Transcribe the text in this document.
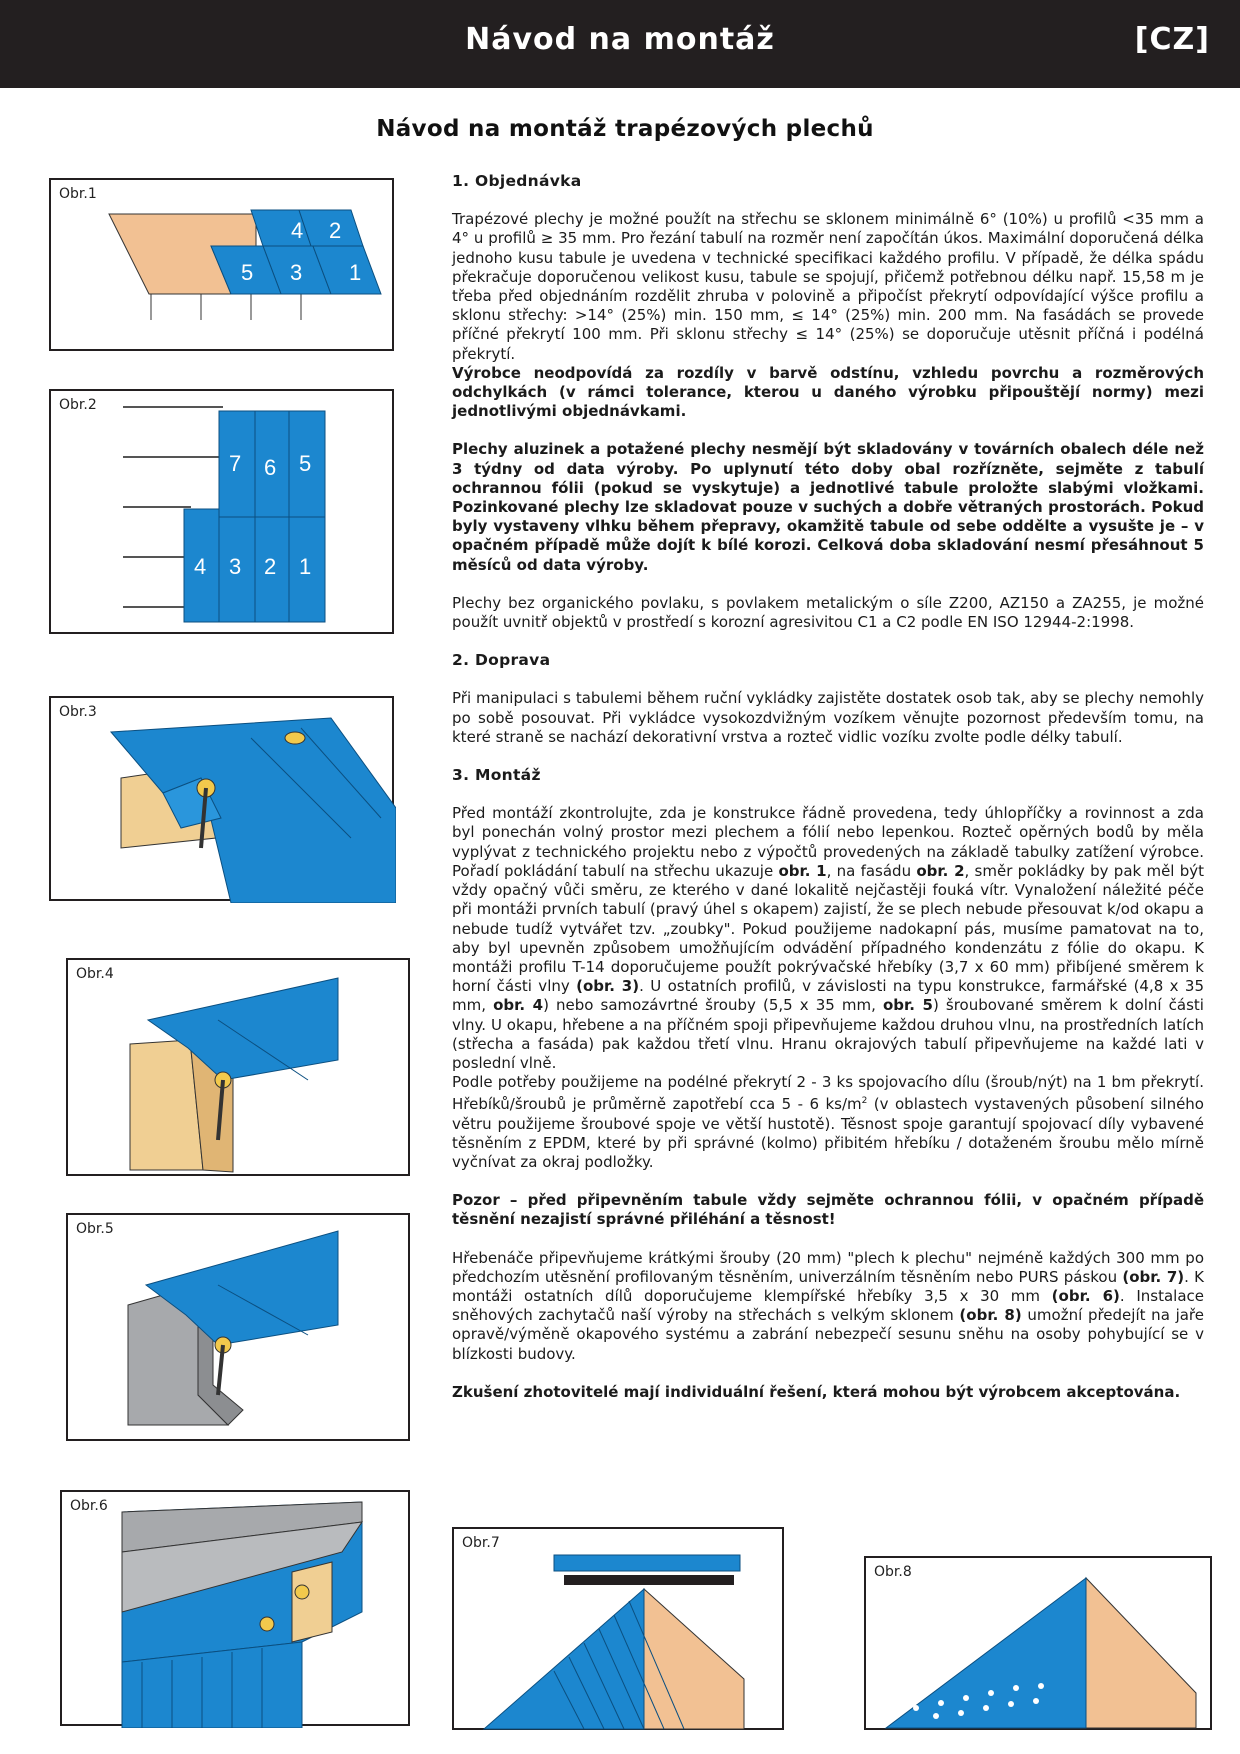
Návod na montáž	[CZ]
Návod na montáž trapézových plechů
4 2
5 3 1
Obr.1
7 6 5
4 3 2 1
Obr.2
Obr.3
Obr.4
Obr.5
Obr.6
Obr.7
Obr.8
1. Objednávka

Trapézové plechy je možné použít na střechu se sklonem minimálně 6° (10%) u profilů <35 mm a 4° u profilů ≥ 35 mm. Pro řezání tabulí na rozměr není započítán úkos. Maximální doporučená délka jednoho kusu tabule je uvedena v technické specifikaci každého profilu. V případě, že délka spádu překračuje doporučenou velikost kusu, tabule se spojují, přičemž potřebnou délku např. 15,58 m je třeba před objednáním rozdělit zhruba v polovině a připočíst překrytí odpovídající výšce profilu a sklonu střechy: >14° (25%) min. 150 mm, ≤ 14° (25%) min. 200 mm. Na fasádách se provede příčné překrytí 100 mm. Při sklonu střechy ≤ 14° (25%) se doporučuje utěsnit příčná i podélná překrytí.

Výrobce neodpovídá za rozdíly v barvě odstínu, vzhledu povrchu a rozměrových odchylkách (v rámci tolerance, kterou u daného výrobku připouštějí normy) mezi jednotlivými objednávkami.

Plechy aluzinek a potažené plechy nesmějí být skladovány v továrních obalech déle než 3 týdny od data výroby. Po uplynutí této doby obal rozřízněte, sejměte z tabulí ochrannou fólii (pokud se vyskytuje) a jednotlivé tabule proložte slabými vložkami. Pozinkované plechy lze skladovat pouze v suchých a dobře větraných prostorách. Pokud byly vystaveny vlhku během přepravy, okamžitě tabule od sebe oddělte a vysušte je – v opačném případě může dojít k bílé korozi. Celková doba skladování nesmí přesáhnout 5 měsíců od data výroby.

Plechy bez organického povlaku, s povlakem metalickým o síle Z200, AZ150 a ZA255, je možné použít uvnitř objektů v prostředí s korozní agresivitou C1 a C2 podle EN ISO 12944-2:1998.

2. Doprava

Při manipulaci s tabulemi během ruční vykládky zajistěte dostatek osob tak, aby se plechy nemohly po sobě posouvat. Při vykládce vysokozdvižným vozíkem věnujte pozornost především tomu, na které straně se nachází dekorativní vrstva a rozteč vidlic vozíku zvolte podle délky tabulí.

3. Montáž

Před montáží zkontrolujte, zda je konstrukce řádně provedena, tedy úhlopříčky a rovinnost a zda byl ponechán volný prostor mezi plechem a fólií nebo lepenkou. Rozteč opěrných bodů by měla vyplývat z technického projektu nebo z výpočtů provedených na základě tabulky zatížení výrobce. Pořadí pokládání tabulí na střechu ukazuje obr. 1, na fasádu obr. 2, směr pokládky by pak měl být vždy opačný vůči směru, ze kterého v dané lokalitě nejčastěji fouká vítr. Vynaložení náležité péče při montáži prvních tabulí (pravý úhel s okapem) zajistí, že se plech nebude přesouvat k/od okapu a nebude tudíž vytvářet tzv. „zoubky". Pokud použijeme nadokapní pás, musíme pamatovat na to, aby byl upevněn způsobem umožňujícím odvádění případného kondenzátu z fólie do okapu. K montáži profilu T-14 doporučujeme použít pokrývačské hřebíky (3,7 x 60 mm) přibíjené směrem k horní části vlny (obr. 3). U ostatních profilů, v závislosti na typu konstrukce, farmářské (4,8 x 35 mm, obr. 4) nebo samozávrtné šrouby (5,5 x 35 mm, obr. 5) šroubované směrem k dolní části vlny. U okapu, hřebene a na příčném spoji připevňujeme každou druhou vlnu, na prostředních latích (střecha a fasáda) pak každou třetí vlnu. Hranu okrajových tabulí připevňujeme na každé lati v poslední vlně.

Podle potřeby použijeme na podélné překrytí 2 - 3 ks spojovacího dílu (šroub/nýt) na 1 bm překrytí. Hřebíků/šroubů je průměrně zapotřebí cca 5 - 6 $ks/m^2$ (v oblastech vystavených působení silného větru použijeme šroubové spoje ve větší hustotě). Těsnost spoje garantují spojovací díly vybavené těsněním z EPDM, které by při správné (kolmo) přibitém hřebíku / dotaženém šroubu mělo mírně vyčnívat za okraj podložky.

Pozor – před připevněním tabule vždy sejměte ochrannou fólii, v opačném případě těsnění nezajistí správné přiléhání a těsnost!

Hřebenáče připevňujeme krátkými šrouby (20 mm) "plech k plechu" nejméně každých 300 mm po předchozím utěsnění profilovaným těsněním, univerzálním těsněním nebo PURS páskou (obr. 7). K montáži ostatních dílů doporučujeme klempířské hřebíky 3,5 x 30 mm (obr. 6). Instalace sněhových zachytačů naší výroby na střechách s velkým sklonem (obr. 8) umožní předejít na jaře opravě/výměně okapového systému a zabrání nebezpečí sesunu sněhu na osoby pohybující se v blízkosti budovy.

Zkušení zhotovitelé mají individuální řešení, která mohou být výrobcem akceptována.
